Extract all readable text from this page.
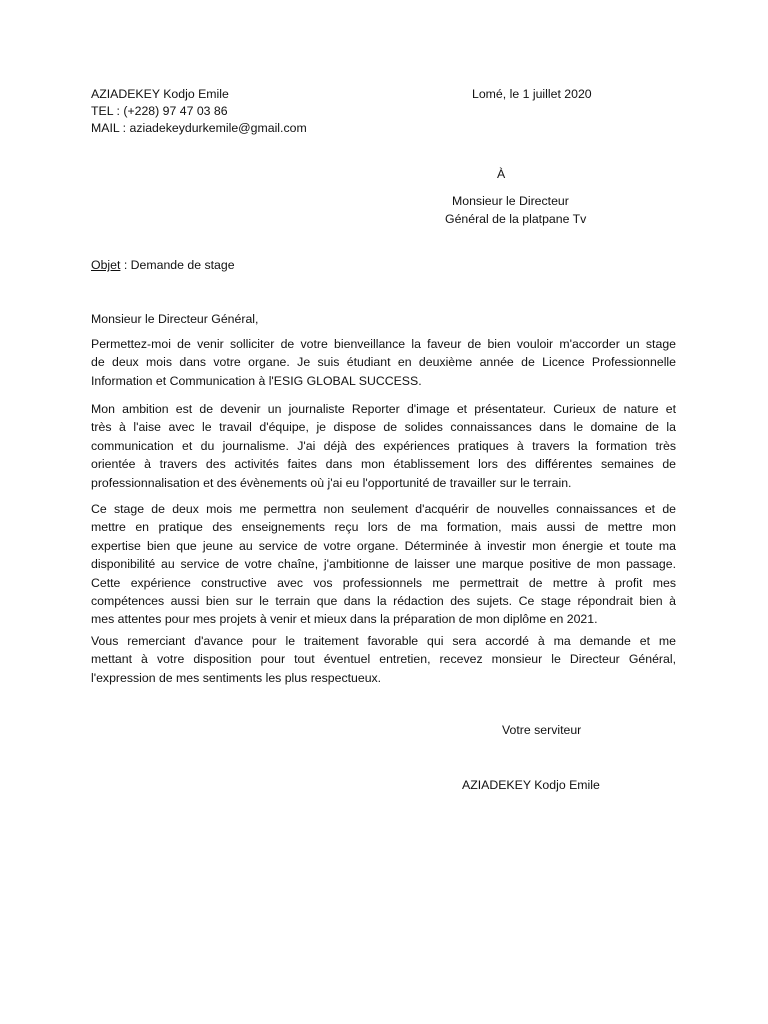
AZIADEKEY Kodjo Emile
TEL : (+228) 97 47 03 86
MAIL : aziadekeydurkemile@gmail.com
Lomé, le 1 juillet 2020
À
Monsieur le Directeur
Général de la platpane Tv
Objet : Demande de stage
Monsieur le Directeur Général,
Permettez-moi de venir solliciter de votre bienveillance la faveur de bien vouloir m'accorder un stage
de deux mois dans votre organe. Je suis étudiant en deuxième année de Licence Professionnelle
Information et Communication à l'ESIG GLOBAL SUCCESS.
Mon ambition est de devenir un journaliste Reporter d'image et présentateur. Curieux de nature et
très à l'aise avec le travail d'équipe, je dispose de solides connaissances dans le domaine de la
communication et du journalisme. J'ai déjà des expériences pratiques à travers la formation très
orientée à travers des activités faites dans mon établissement lors des différentes semaines de
professionnalisation et des évènements où j'ai eu l'opportunité de travailler sur le terrain.
Ce stage de deux mois me permettra non seulement d'acquérir de nouvelles connaissances et de
mettre en pratique des enseignements reçu lors de ma formation, mais aussi de mettre mon
expertise bien que jeune au service de votre organe. Déterminée à investir mon énergie et toute ma
disponibilité au service de votre chaîne, j'ambitionne de laisser une marque positive de mon passage.
Cette expérience constructive avec vos professionnels me permettrait de mettre à profit mes
compétences aussi bien sur le terrain que dans la rédaction des sujets. Ce stage répondrait bien à
mes attentes pour mes projets à venir et mieux dans la préparation de mon diplôme en 2021.
Vous remerciant d'avance pour le traitement favorable qui sera accordé à ma demande et me
mettant à votre disposition pour tout éventuel entretien, recevez monsieur le Directeur Général,
l'expression de mes sentiments les plus respectueux.
Votre serviteur
AZIADEKEY Kodjo Emile
